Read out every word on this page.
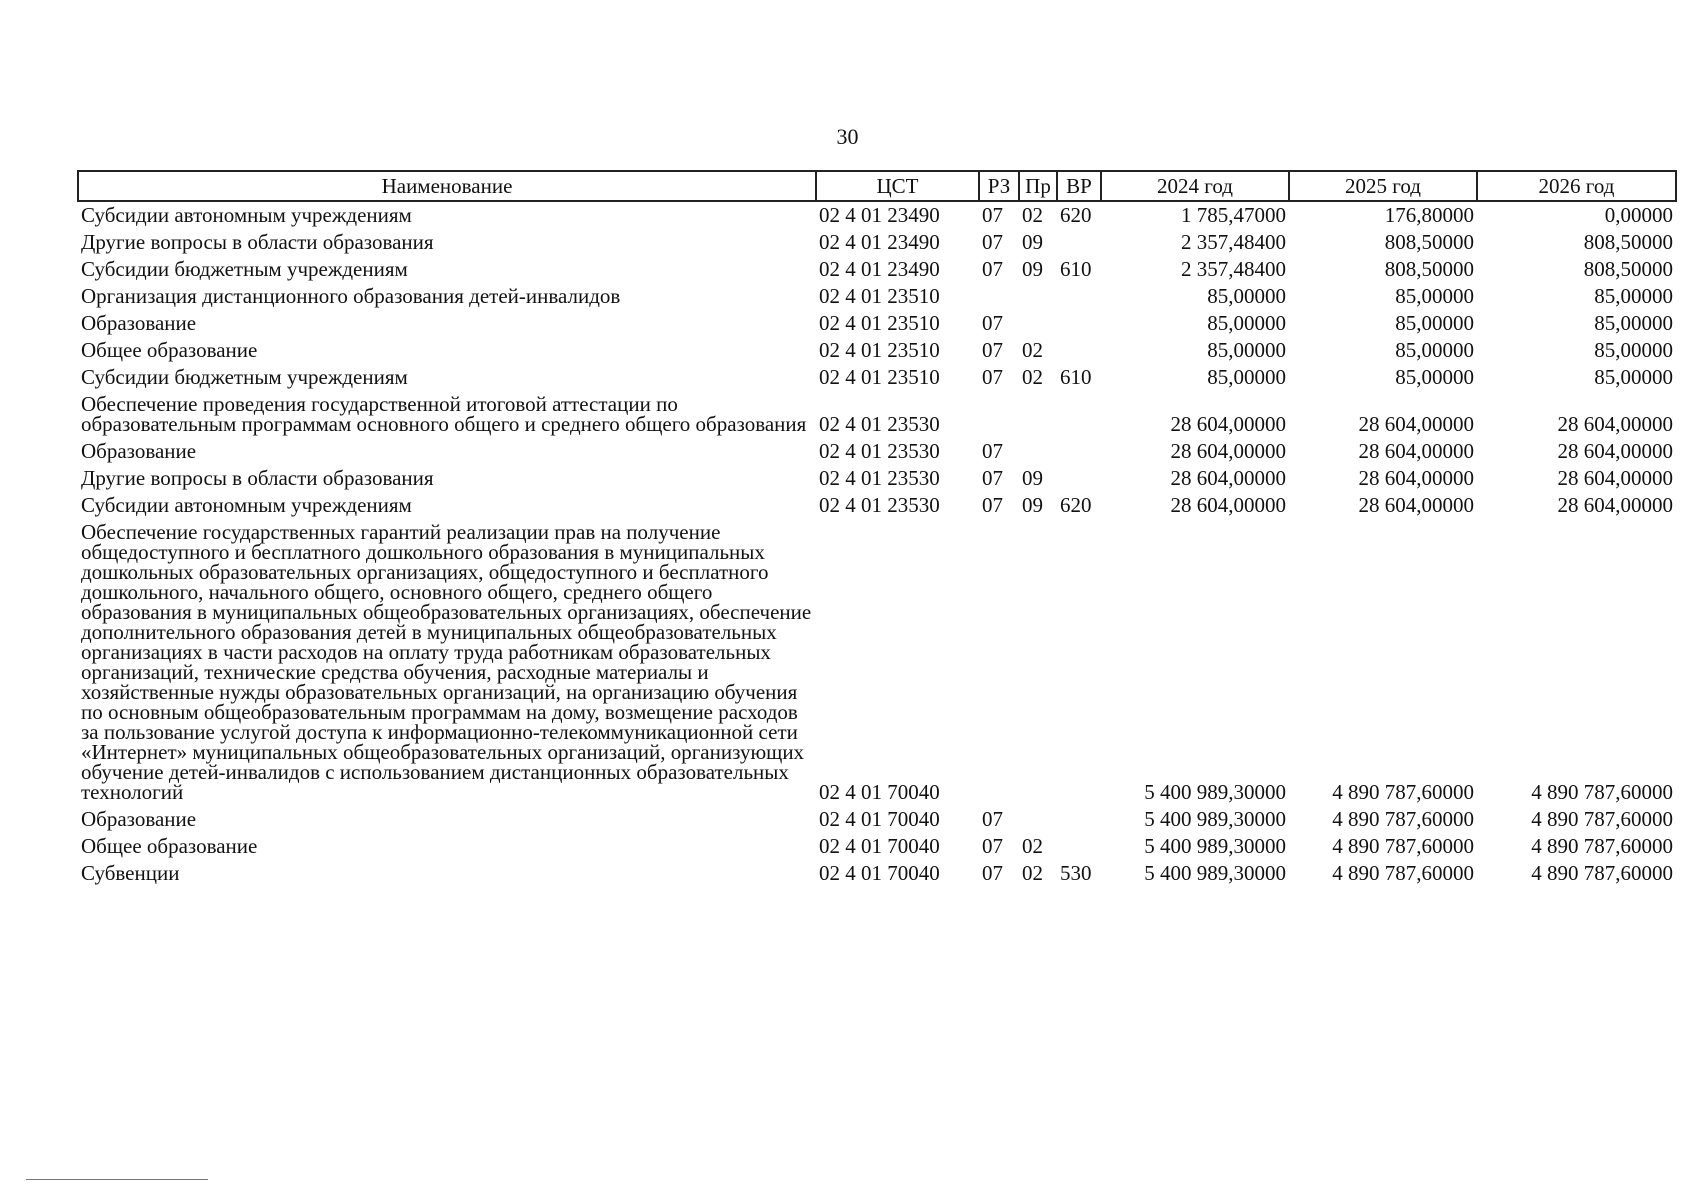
30
Наименование	ЦСТ	РЗ	Пр	ВР	2024 год	2025 год	2026 год
Субсидии автономным учреждениям	02 4 01 23490	07	02	620	1 785,47000	176,80000	0,00000
Другие вопросы в области образования	02 4 01 23490	07	09		2 357,48400	808,50000	808,50000
Субсидии бюджетным учреждениям	02 4 01 23490	07	09	610	2 357,48400	808,50000	808,50000
Организация дистанционного образования детей-инвалидов	02 4 01 23510				85,00000	85,00000	85,00000
Образование	02 4 01 23510	07			85,00000	85,00000	85,00000
Общее образование	02 4 01 23510	07	02		85,00000	85,00000	85,00000
Субсидии бюджетным учреждениям	02 4 01 23510	07	02	610	85,00000	85,00000	85,00000
Обеспечение проведения государственной итоговой аттестации по образовательным программам основного общего и среднего общего образования	02 4 01 23530				28 604,00000	28 604,00000	28 604,00000
Образование	02 4 01 23530	07			28 604,00000	28 604,00000	28 604,00000
Другие вопросы в области образования	02 4 01 23530	07	09		28 604,00000	28 604,00000	28 604,00000
Субсидии автономным учреждениям	02 4 01 23530	07	09	620	28 604,00000	28 604,00000	28 604,00000
Обеспечение государственных гарантий реализации прав на получение общедоступного и бесплатного дошкольного образования в муниципальных дошкольных образовательных организациях, общедоступного и бесплатного дошкольного, начального общего, основного общего, среднего общего образования в муниципальных общеобразовательных организациях, обеспечение дополнительного образования детей в муниципальных общеобразовательных организациях в части расходов на оплату труда работникам образовательных организаций, технические средства обучения, расходные материалы и хозяйственные нужды образовательных организаций, на организацию обучения по основным общеобразовательным программам на дому, возмещение расходов за пользование услугой доступа к информационно-телекоммуникационной сети «Интернет» муниципальных общеобразовательных организаций, организующих обучение детей-инвалидов с использованием дистанционных образовательных технологий	02 4 01 70040				5 400 989,30000	4 890 787,60000	4 890 787,60000
Образование	02 4 01 70040	07			5 400 989,30000	4 890 787,60000	4 890 787,60000
Общее образование	02 4 01 70040	07	02		5 400 989,30000	4 890 787,60000	4 890 787,60000
Субвенции	02 4 01 70040	07	02	530	5 400 989,30000	4 890 787,60000	4 890 787,60000
